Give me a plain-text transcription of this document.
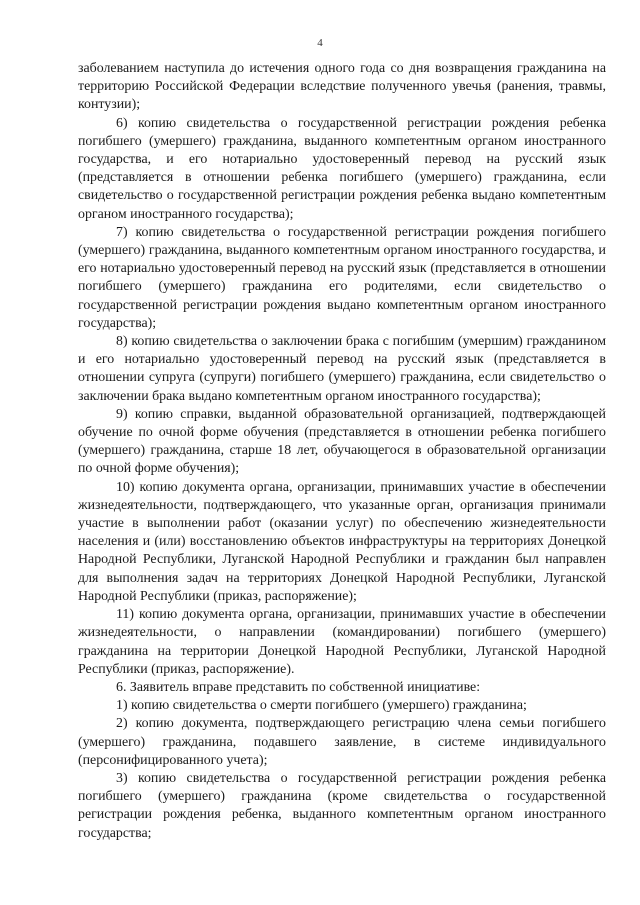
4

заболеванием наступила до истечения одного года со дня возвращения гражданина на территорию Российской Федерации вследствие полученного увечья (ранения, травмы, контузии);

6) копию свидетельства о государственной регистрации рождения ребенка погибшего (умершего) гражданина, выданного компетентным органом иностранного государства, и его нотариально удостоверенный перевод на русский язык (представляется в отношении ребенка погибшего (умершего) гражданина, если свидетельство о государственной регистрации рождения ребенка выдано компетентным органом иностранного государства);

7) копию свидетельства о государственной регистрации рождения погибшего (умершего) гражданина, выданного компетентным органом иностранного государства, и его нотариально удостоверенный перевод на русский язык (представляется в отношении погибшего (умершего) гражданина его родителями, если свидетельство о государственной регистрации рождения выдано компетентным органом иностранного государства);

8) копию свидетельства о заключении брака с погибшим (умершим) гражданином и его нотариально удостоверенный перевод на русский язык (представляется в отношении супруга (супруги) погибшего (умершего) гражданина, если свидетельство о заключении брака выдано компетентным органом иностранного государства);

9) копию справки, выданной образовательной организацией, подтверждающей обучение по очной форме обучения (представляется в отношении ребенка погибшего (умершего) гражданина, старше 18 лет, обучающегося в образовательной организации по очной форме обучения);

10) копию документа органа, организации, принимавших участие в обеспечении жизнедеятельности, подтверждающего, что указанные орган, организация принимали участие в выполнении работ (оказании услуг) по обеспечению жизнедеятельности населения и (или) восстановлению объектов инфраструктуры на территориях Донецкой Народной Республики, Луганской Народной Республики и гражданин был направлен для выполнения задач на территориях Донецкой Народной Республики, Луганской Народной Республики (приказ, распоряжение);

11) копию документа органа, организации, принимавших участие в обеспечении жизнедеятельности, о направлении (командировании) погибшего (умершего) гражданина на территории Донецкой Народной Республики, Луганской Народной Республики (приказ, распоряжение).

6. Заявитель вправе представить по собственной инициативе:

1) копию свидетельства о смерти погибшего (умершего) гражданина;

2) копию документа, подтверждающего регистрацию члена семьи погибшего (умершего) гражданина, подавшего заявление, в системе индивидуального (персонифицированного учета);

3) копию свидетельства о государственной регистрации рождения ребенка погибшего (умершего) гражданина (кроме свидетельства о государственной регистрации рождения ребенка, выданного компетентным органом иностранного государства;
